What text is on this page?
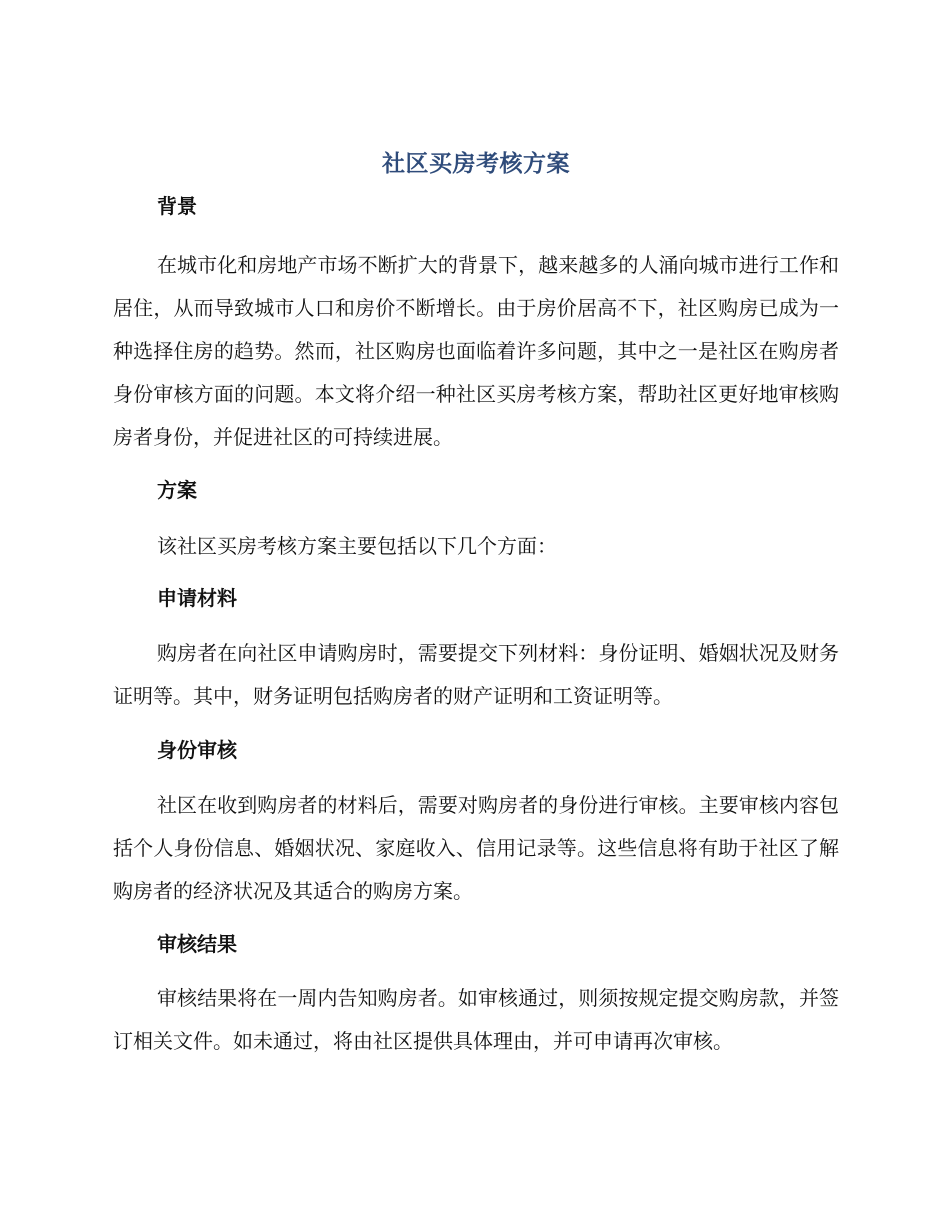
社区买房考核方案
背景

在城市化和房地产市场不断扩大的背景下，越来越多的人涌向城市进行工作和居住，从而导致城市人口和房价不断增长。由于房价居高不下，社区购房已成为一种选择住房的趋势。然而，社区购房也面临着许多问题，其中之一是社区在购房者身份审核方面的问题。本文将介绍一种社区买房考核方案，帮助社区更好地审核购房者身份，并促进社区的可持续进展。

方案

该社区买房考核方案主要包括以下几个方面：

申请材料

购房者在向社区申请购房时，需要提交下列材料：身份证明、婚姻状况及财务证明等。其中，财务证明包括购房者的财产证明和工资证明等。

身份审核

社区在收到购房者的材料后，需要对购房者的身份进行审核。主要审核内容包括个人身份信息、婚姻状况、家庭收入、信用记录等。这些信息将有助于社区了解购房者的经济状况及其适合的购房方案。

审核结果

审核结果将在一周内告知购房者。如审核通过，则须按规定提交购房款，并签订相关文件。如未通过，将由社区提供具体理由，并可申请再次审核。
